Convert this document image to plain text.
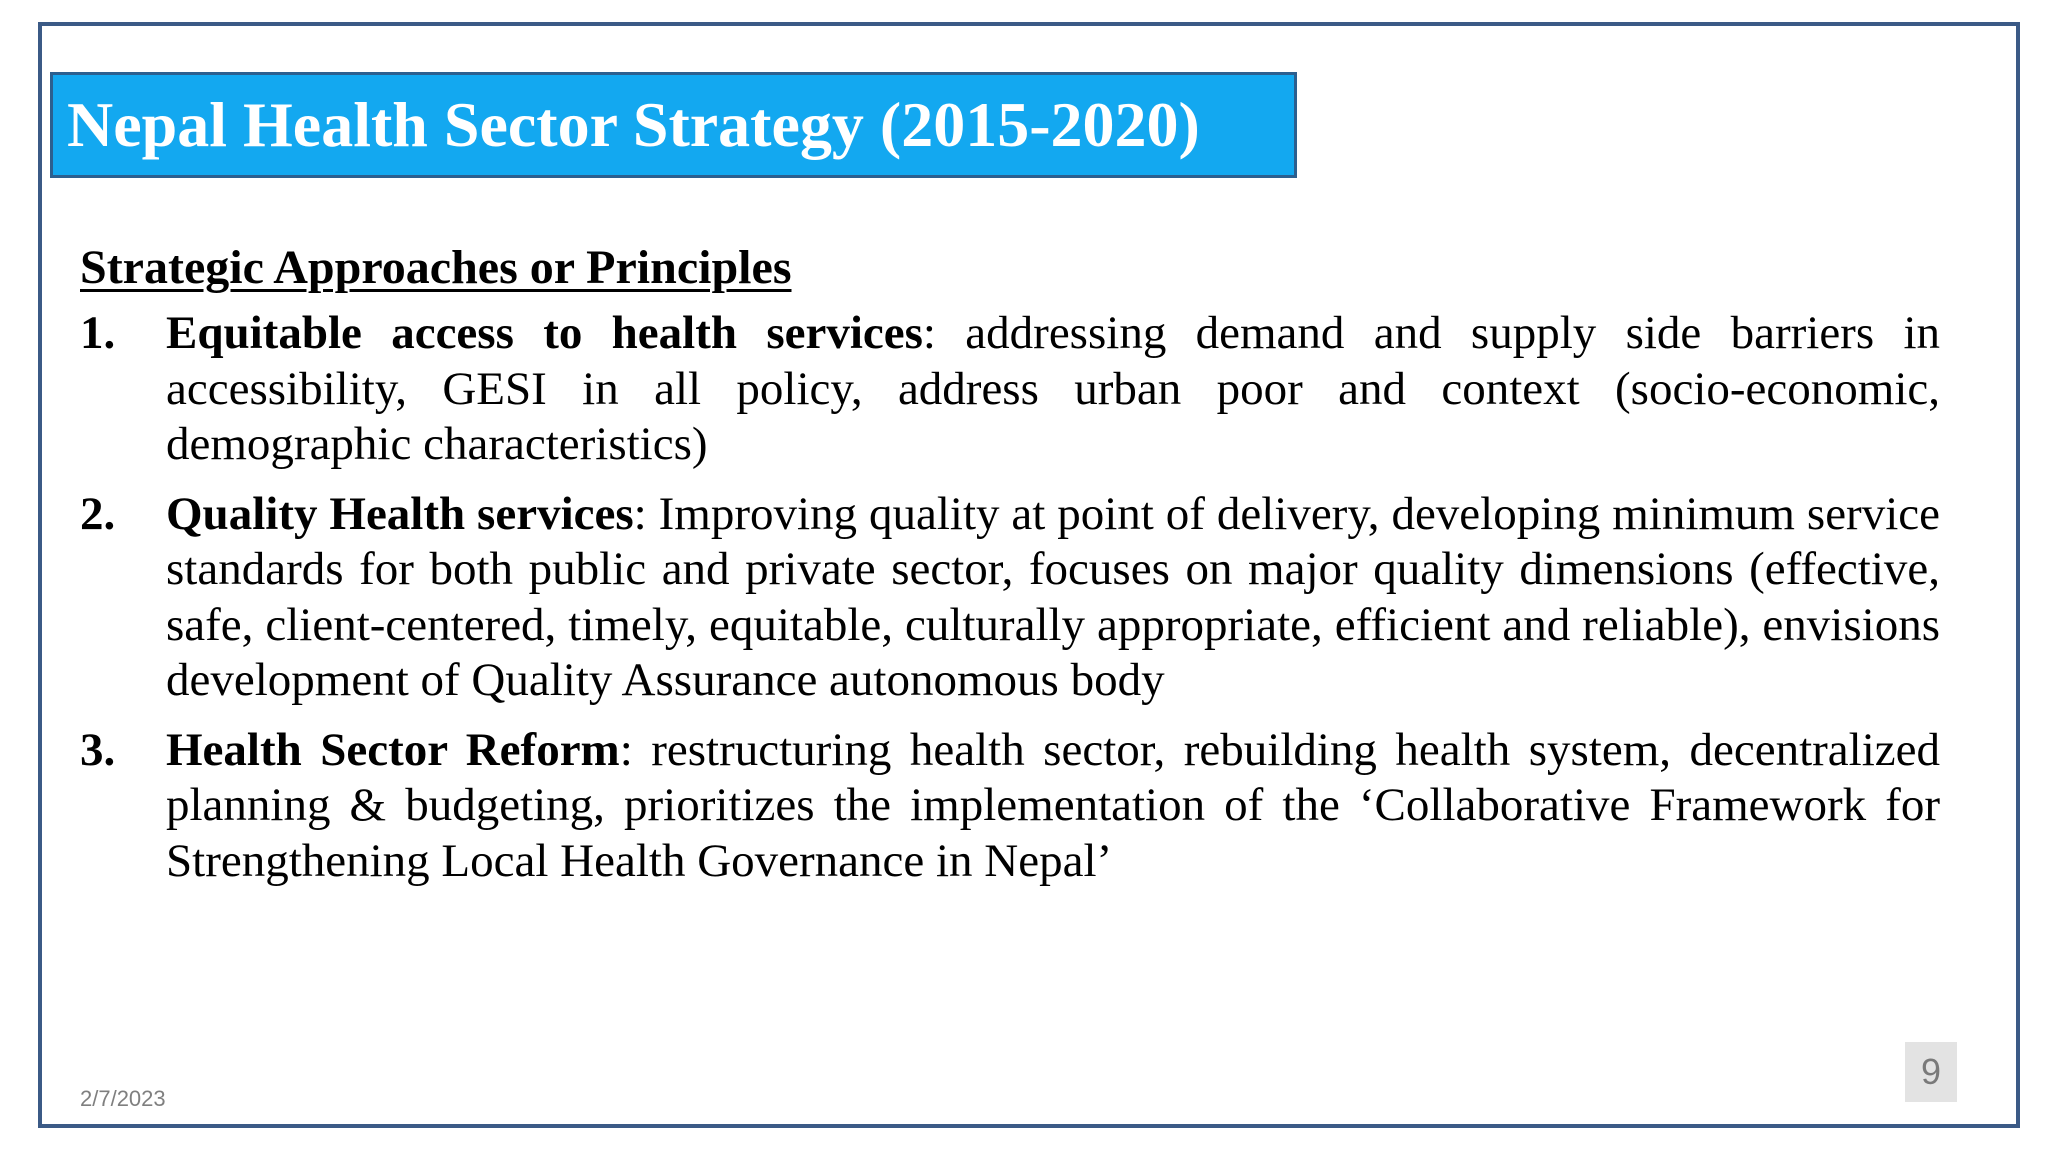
Nepal Health Sector Strategy (2015-2020)
Strategic Approaches or Principles
1. Equitable access to health services: addressing demand and supply side barriers in accessibility, GESI in all policy, address urban poor and context (socio-economic, demographic characteristics)
2. Quality Health services: Improving quality at point of delivery, developing minimum service standards for both public and private sector, focuses on major quality dimensions (effective, safe, client-centered, timely, equitable, culturally appropriate, efficient and reliable), envisions development of Quality Assurance autonomous body
3. Health Sector Reform: restructuring health sector, rebuilding health system, decentralized planning & budgeting, prioritizes the implementation of the ‘Collaborative Framework for Strengthening Local Health Governance in Nepal’
2/7/2023
9
